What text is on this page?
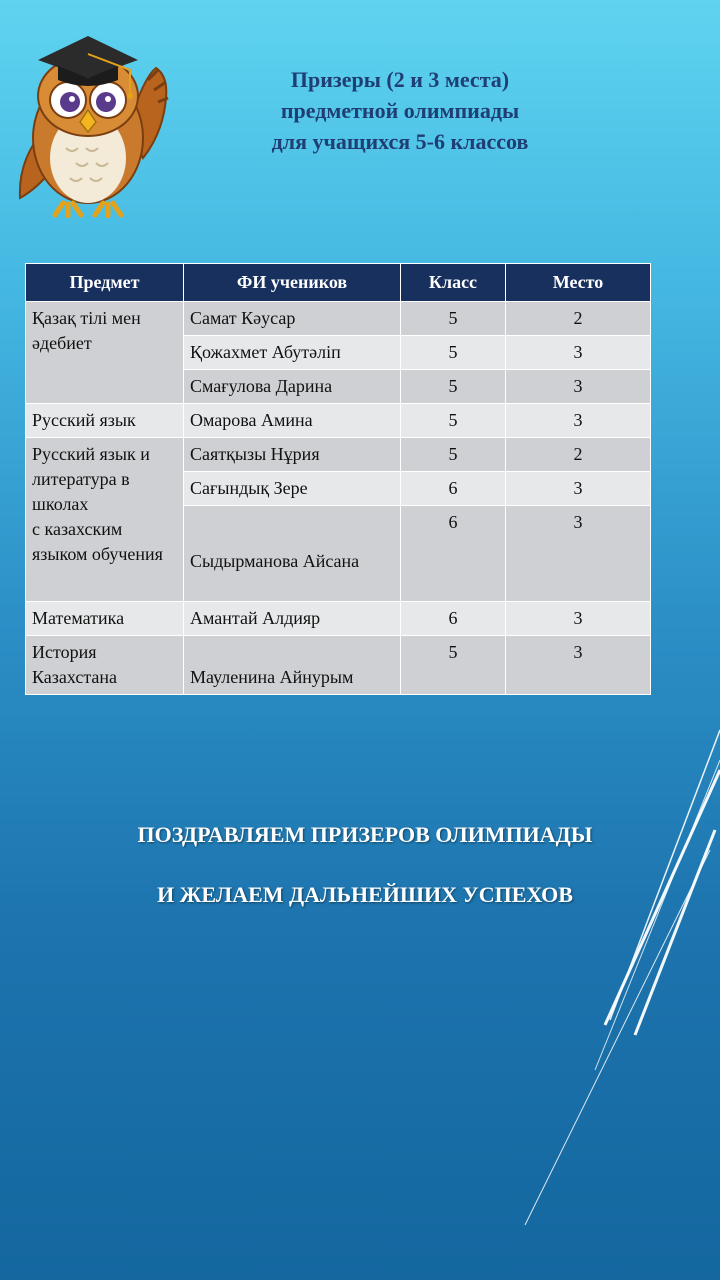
Призеры (2 и 3 места)
предметной олимпиады
для учащихся 5-6 классов
Предмет	ФИ учеников	Класс	Место
Қазақ тілі мен әдебиет	Самат Кәусар	5	2
	Қожахмет Абутәліп	5	3
	Смағулова Дарина	5	3
Русский язык	Омарова Амина	5	3
Русский язык и литература в школах
с казахским языком обучения	Саятқызы Нұрия	5	2
	Сағындық Зере	6	3
	Сыдырманова Айсана	6	3
Математика	Амантай Алдияр	6	3
История Казахстана	Мауленина Айнурым	5	3
ПОЗДРАВЛЯЕМ ПРИЗЕРОВ ОЛИМПИАДЫ
И ЖЕЛАЕМ ДАЛЬНЕЙШИХ УСПЕХОВ
